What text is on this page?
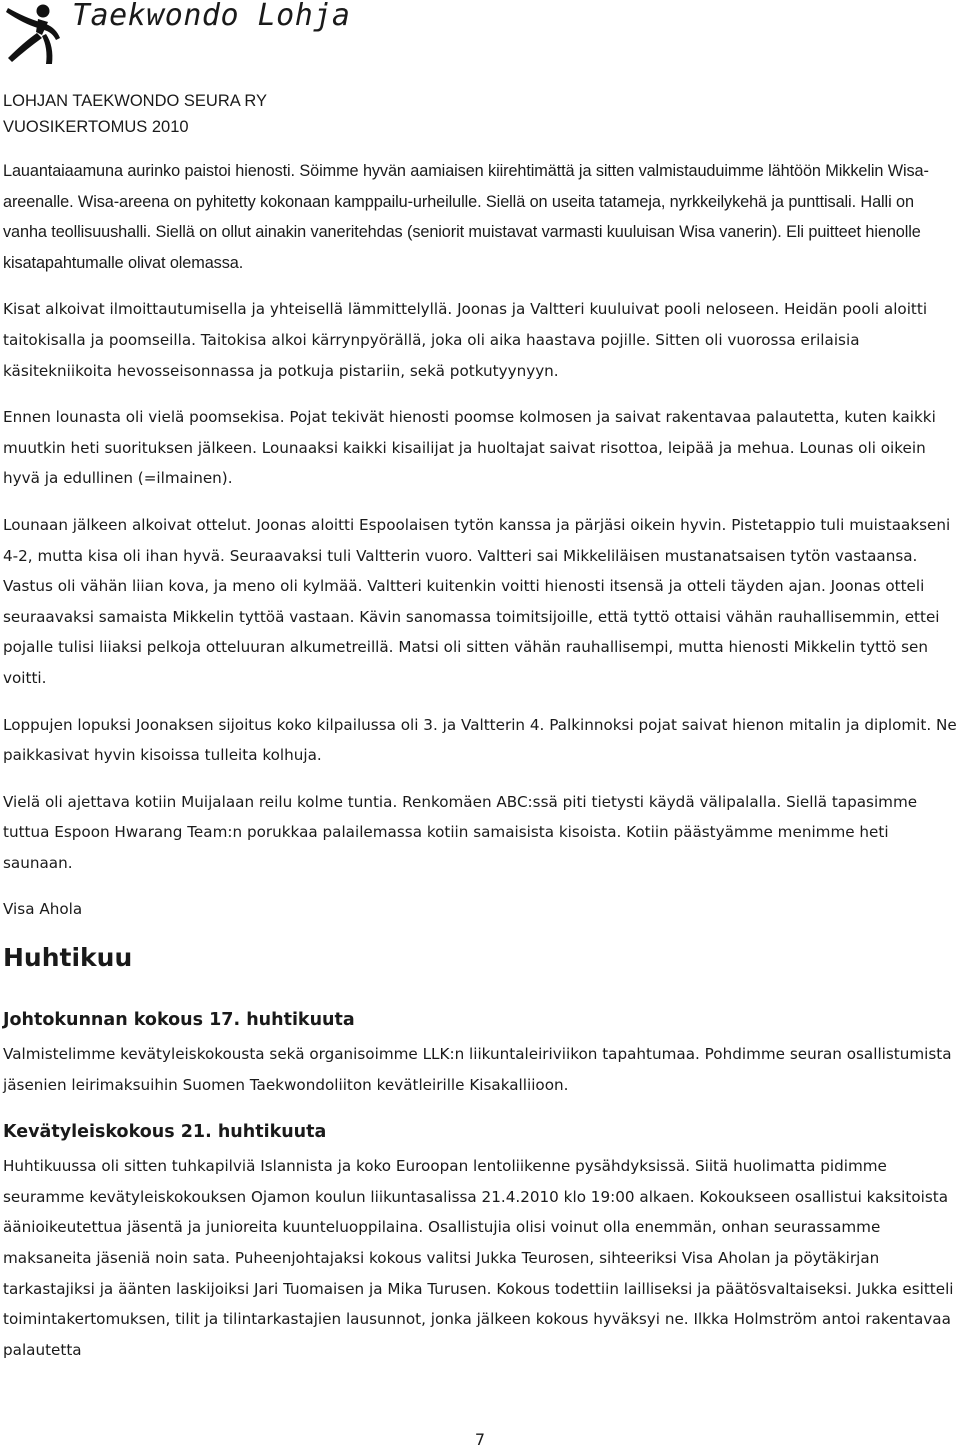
Taekwondo Lohja
LOHJAN TAEKWONDO SEURA RY
VUOSIKERTOMUS 2010

Lauantaiaamuna aurinko paistoi hienosti. Söimme hyvän aamiaisen kiirehtimättä ja sitten valmistauduimme lähtöön Mikkelin Wisa-areenalle. Wisa-areena on pyhitetty kokonaan kamppailu-urheilulle. Siellä on useita tatameja, nyrkkeilykehä ja punttisali. Halli on vanha teollisuushalli. Siellä on ollut ainakin vaneritehdas (seniorit muistavat varmasti kuuluisan Wisa vanerin). Eli puitteet hienolle kisatapahtumalle olivat olemassa.

Kisat alkoivat ilmoittautumisella ja yhteisellä lämmittelyllä. Joonas ja Valtteri kuuluivat pooli neloseen. Heidän pooli aloitti taitokisalla ja poomseilla. Taitokisa alkoi kärrynpyörällä, joka oli aika haastava pojille. Sitten oli vuorossa erilaisia käsitekniikoita hevosseisonnassa ja potkuja pistariin, sekä potkutyynyyn.

Ennen lounasta oli vielä poomsekisa. Pojat tekivät hienosti poomse kolmosen ja saivat rakentavaa palautetta, kuten kaikki muutkin heti suorituksen jälkeen. Lounaaksi kaikki kisailijat ja huoltajat saivat risottoa, leipää ja mehua. Lounas oli oikein hyvä ja edullinen (=ilmainen).

Lounaan jälkeen alkoivat ottelut. Joonas aloitti Espoolaisen tytön kanssa ja pärjäsi oikein hyvin. Pistetappio tuli muistaakseni 4-2, mutta kisa oli ihan hyvä. Seuraavaksi tuli Valtterin vuoro. Valtteri sai Mikkeliläisen mustanatsaisen tytön vastaansa. Vastus oli vähän liian kova, ja meno oli kylmää. Valtteri kuitenkin voitti hienosti itsensä ja otteli täyden ajan. Joonas otteli seuraavaksi samaista Mikkelin tyttöä vastaan. Kävin sanomassa toimitsijoille, että tyttö ottaisi vähän rauhallisemmin, ettei pojalle tulisi liiaksi pelkoja otteluuran alkumetreillä. Matsi oli sitten vähän rauhallisempi, mutta hienosti Mikkelin tyttö sen voitti.

Loppujen lopuksi Joonaksen sijoitus koko kilpailussa oli 3. ja Valtterin 4. Palkinnoksi pojat saivat hienon mitalin ja diplomit. Ne paikkasivat hyvin kisoissa tulleita kolhuja.

Vielä oli ajettava kotiin Muijalaan reilu kolme tuntia. Renkomäen ABC:ssä piti tietysti käydä välipalalla. Siellä tapasimme tuttua Espoon Hwarang Team:n porukkaa palailemassa kotiin samaisista kisoista. Kotiin päästyämme menimme heti saunaan.

Visa Ahola

Huhtikuu
Johtokunnan kokous 17. huhtikuuta

Valmistelimme kevätyleiskokousta sekä organisoimme LLK:n liikuntaleiriviikon tapahtumaa. Pohdimme seuran osallistumista jäsenien leirimaksuihin Suomen Taekwondoliiton kevätleirille Kisakalliioon.

Kevätyleiskokous 21. huhtikuuta

Huhtikuussa oli sitten tuhkapilviä Islannista ja koko Euroopan lentoliikenne pysähdyksissä. Siitä huolimatta pidimme seuramme kevätyleiskokouksen Ojamon koulun liikuntasalissa 21.4.2010 klo 19:00 alkaen. Kokoukseen osallistui kaksitoista äänioikeutettua jäsentä ja junioreita kuunteluoppilaina. Osallistujia olisi voinut olla enemmän, onhan seurassamme maksaneita jäseniä noin sata. Puheenjohtajaksi kokous valitsi Jukka Teurosen, sihteeriksi Visa Aholan ja pöytäkirjan tarkastajiksi ja äänten laskijoiksi Jari Tuomaisen ja Mika Turusen. Kokous todettiin lailliseksi ja päätösvaltaiseksi. Jukka esitteli toimintakertomuksen, tilit ja tilintarkastajien lausunnot, jonka jälkeen kokous hyväksyi ne. Ilkka Holmström antoi rakentavaa palautetta

7
